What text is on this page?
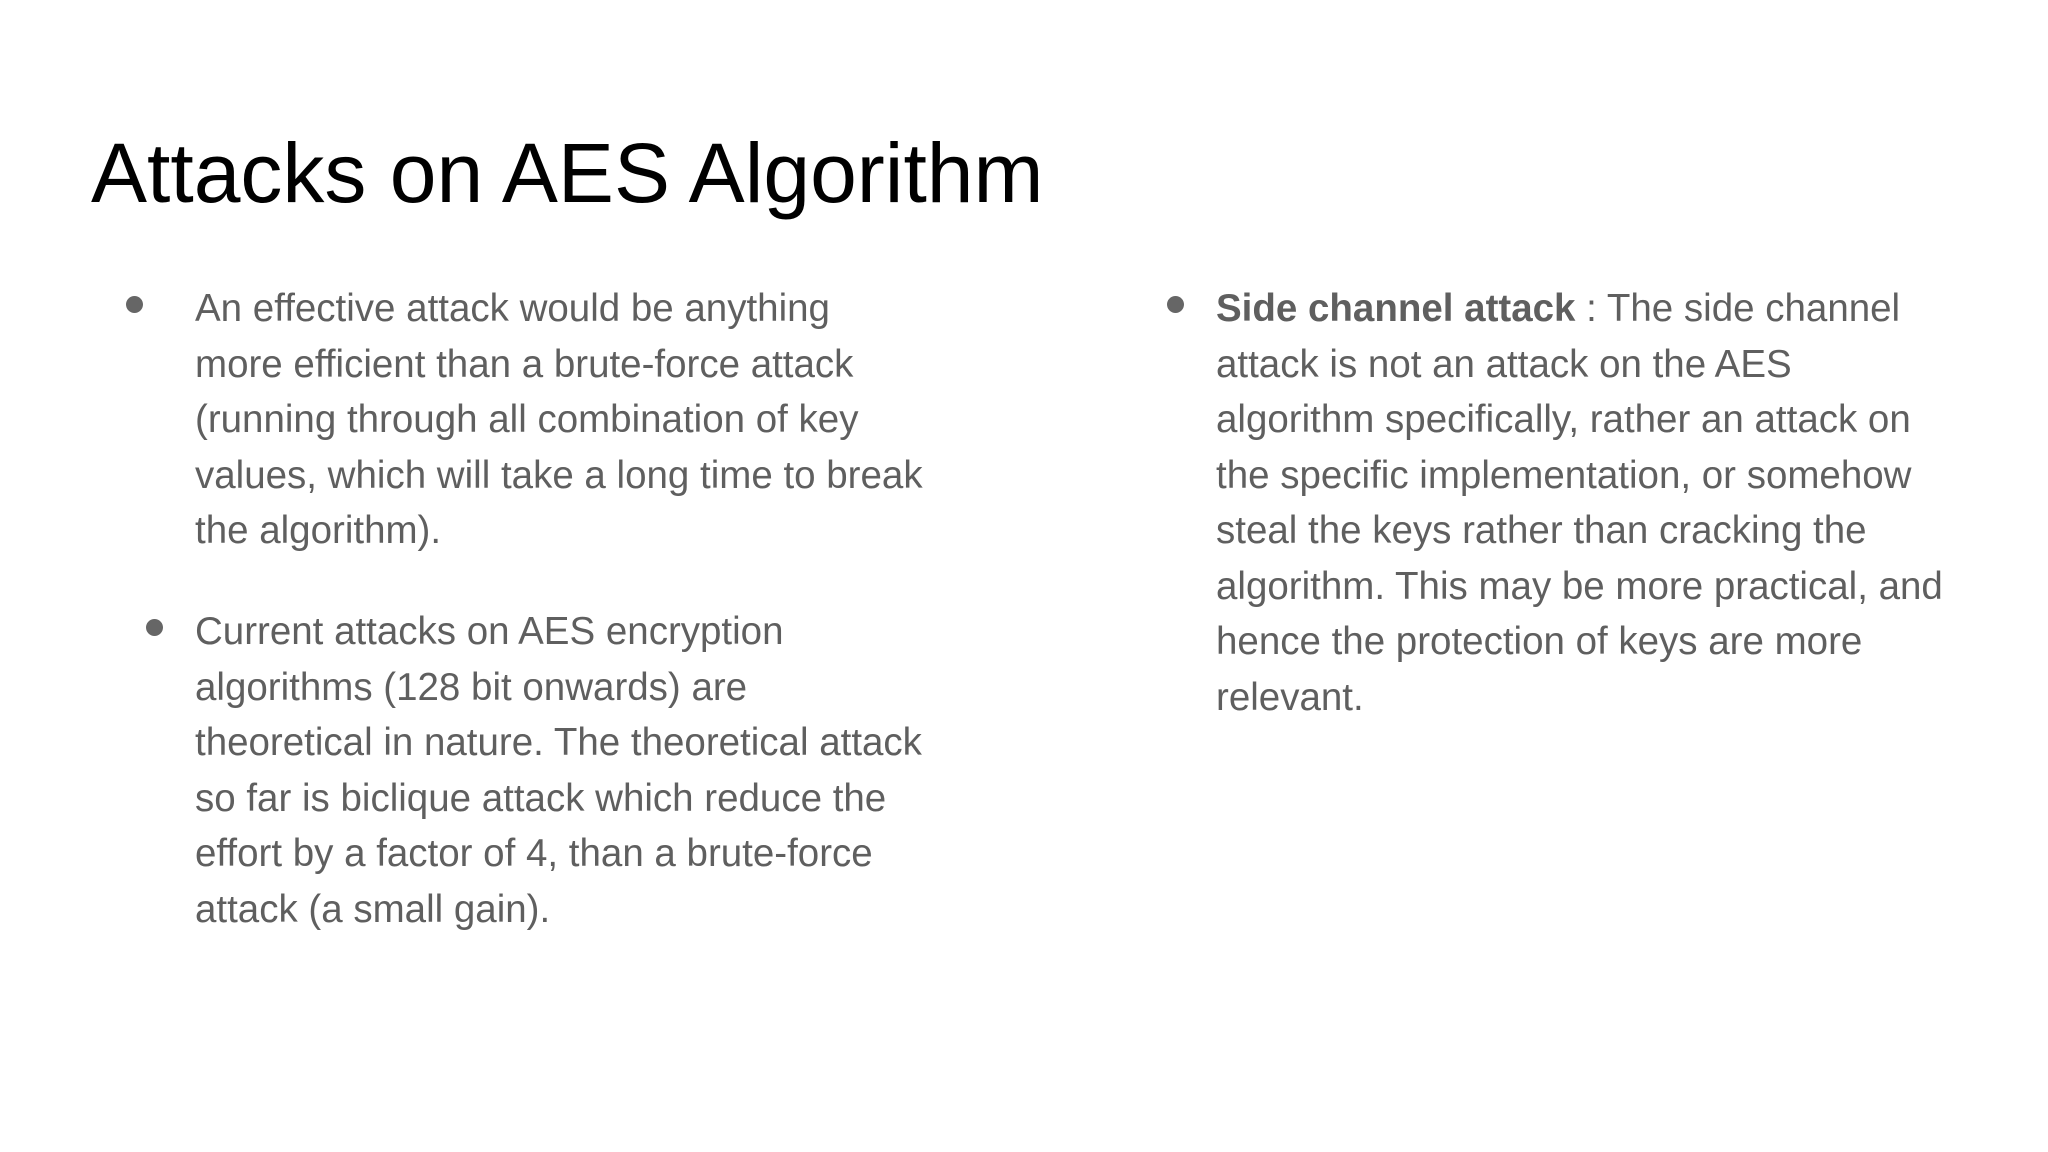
Attacks on AES Algorithm
An effective attack would be anything
more efficient than a brute-force attack
(running through all combination of key
values, which will take a long time to break
the algorithm).
Current attacks on AES encryption
algorithms (128 bit onwards) are
theoretical in nature. The theoretical attack
so far is biclique attack which reduce the
effort by a factor of 4, than a brute-force
attack (a small gain).
Side channel attack : The side channel
attack is not an attack on the AES
algorithm specifically, rather an attack on
the specific implementation, or somehow
steal the keys rather than cracking the
algorithm. This may be more practical, and
hence the protection of keys are more
relevant.
